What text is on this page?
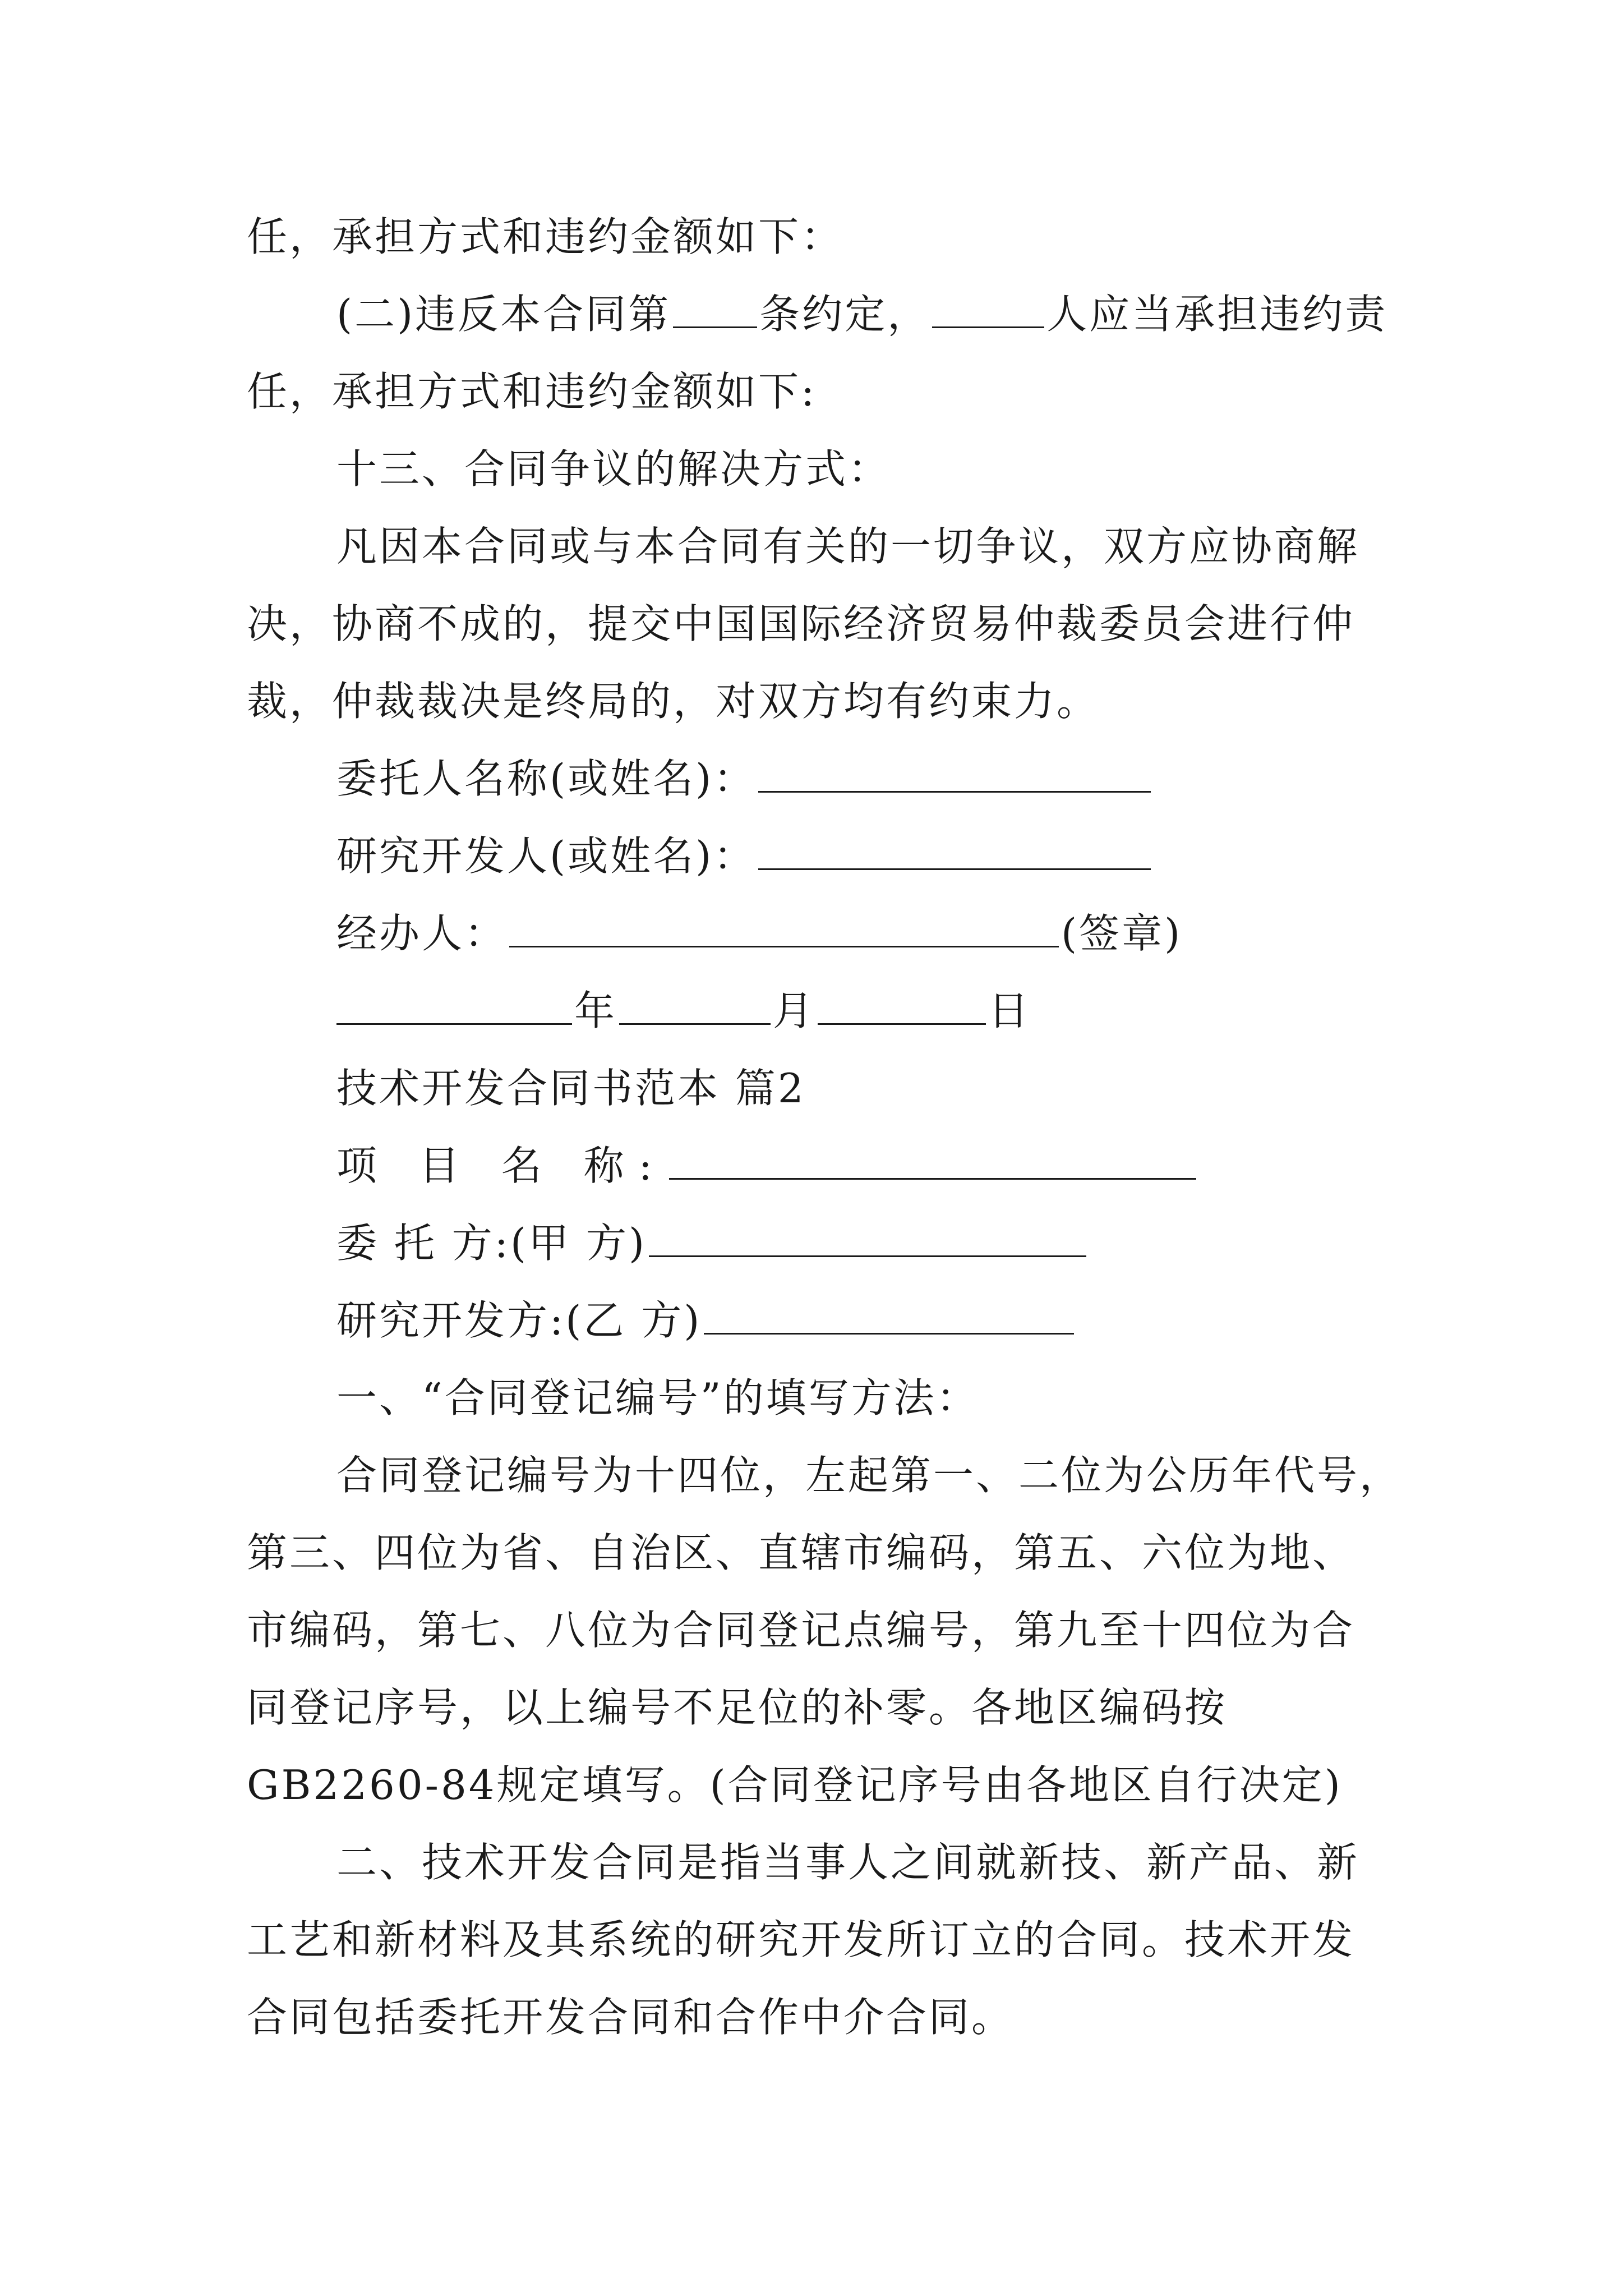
任，承担方式和违约金额如下：
(二)违反本合同第 条约定，	人应当承担违约责
任，承担方式和违约金额如下:
十三、合同争议的解决方式：
凡因本合同或与本合同有关的一切争议，双方应协商解
决，协商不成的，提交中国国际经济贸易仲裁委员会进行仲
裁，仲裁裁决是终局的，对双方均有约束力。
委托人名称(或姓名)：
研究开发人(或姓名)：
经办人：	(签章)
年	月	日
技术开发合同书范本 篇2
项 目 名 称:
委 托 方:(甲 方)
研究开发方:(乙 方)
一、“合同登记编号”的填写方法：
合同登记编号为十四位，左起第一、二位为公历年代号，
第三、四位为省、自治区、直辖市编码，第五、六位为地、
市编码，第七、八位为合同登记点编号，第九至十四位为合
同登记序号，以上编号不足位的补零。各地区编码按
GB2260-84规定填写。(合同登记序号由各地区自行决定)
二、技术开发合同是指当事人之间就新技、新产品、新
工艺和新材料及其系统的研究开发所订立的合同。技术开发
合同包括委托开发合同和合作中介合同。
